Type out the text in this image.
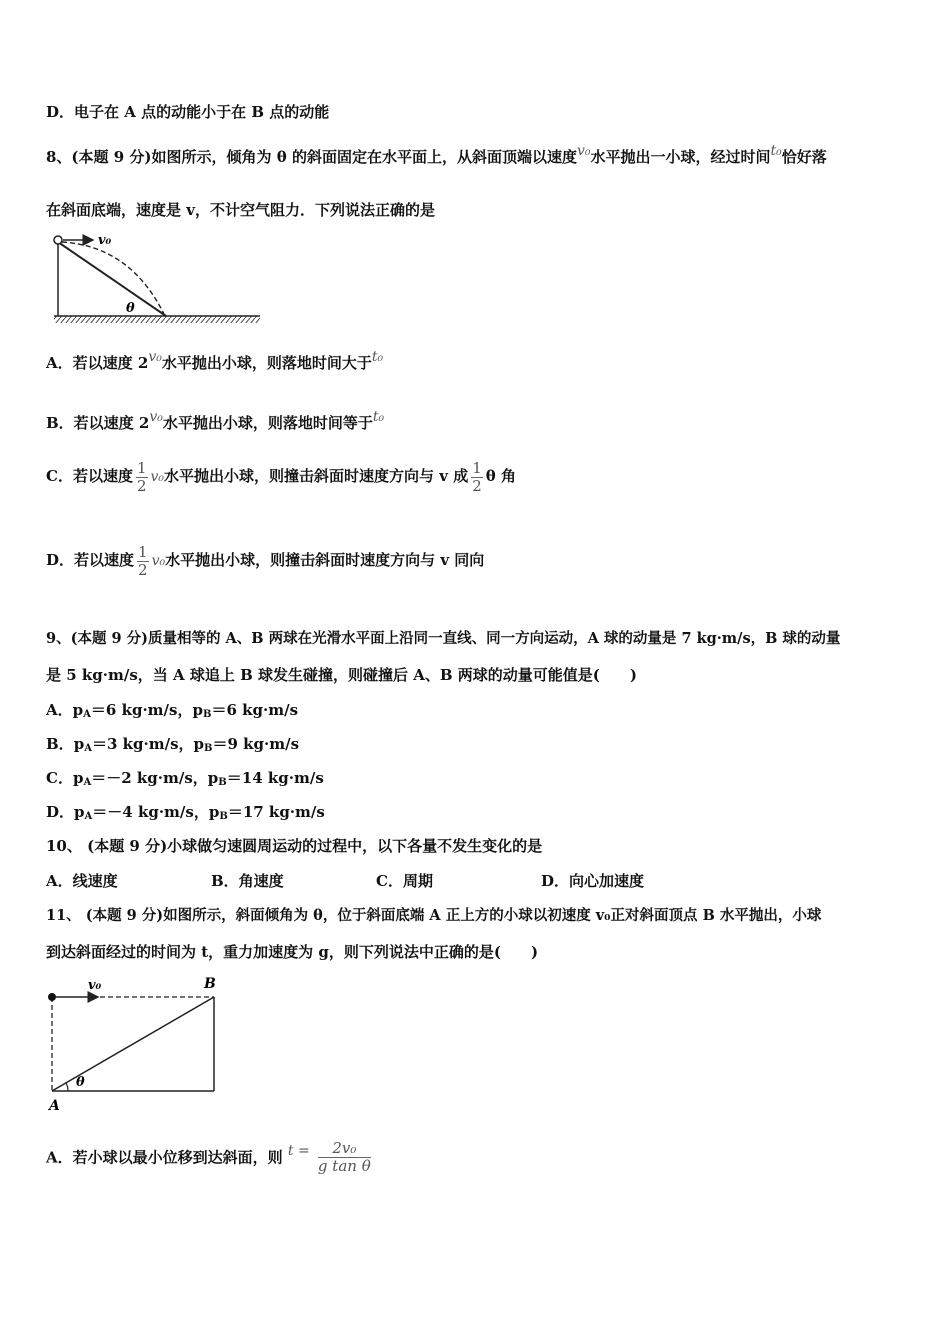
D．电子在 A 点的动能小于在 B 点的动能
8、(本题 9 分)如图所示，倾角为 θ 的斜面固定在水平面上，从斜面顶端以速度v₀水平抛出一小球，经过时间t₀恰好落
在斜面底端，速度是 v，不计空气阻力．下列说法正确的是
v₀
θ
A．若以速度 2v₀水平抛出小球，则落地时间大于t₀
B．若以速度 2v₀水平抛出小球，则落地时间等于t₀
C．若以速度 $\frac{1}{2} v_0$水平抛出小球，则撞击斜面时速度方向与 v 成 $\frac{1}{2}$ θ 角
D．若以速度 $\frac{1}{2} v_0$水平抛出小球，则撞击斜面时速度方向与 v 同向
9、(本题 9 分)质量相等的 A、B 两球在光滑水平面上沿同一直线、同一方向运动，A 球的动量是 7 kg·m/s，B 球的动量
是 5 kg·m/s，当 A 球追上 B 球发生碰撞，则碰撞后 A、B 两球的动量可能值是(　　)
A．$p_A=6$ kg·m/s，$p_B=6$ kg·m/s
B．$p_A=3$ kg·m/s，$p_B=9$ kg·m/s
C．$p_A=-2$ kg·m/s，$p_B=14$ kg·m/s
D．$p_A=-4$ kg·m/s，$p_B=17$ kg·m/s
10、 (本题 9 分)小球做匀速圆周运动的过程中，以下各量不发生变化的是
A．线速度	B．角速度	C．周期	D．向心加速度
11、 (本题 9 分)如图所示，斜面倾角为 θ，位于斜面底端 A 正上方的小球以初速度 v₀正对斜面顶点 B 水平抛出，小球
到达斜面经过的时间为 t，重力加速度为 g，则下列说法中正确的是(　　)
v₀	B
θ
A
A．若小球以最小位移到达斜面，则 $t = \frac{\text{2v₀}}{\text{g tan θ}}$
